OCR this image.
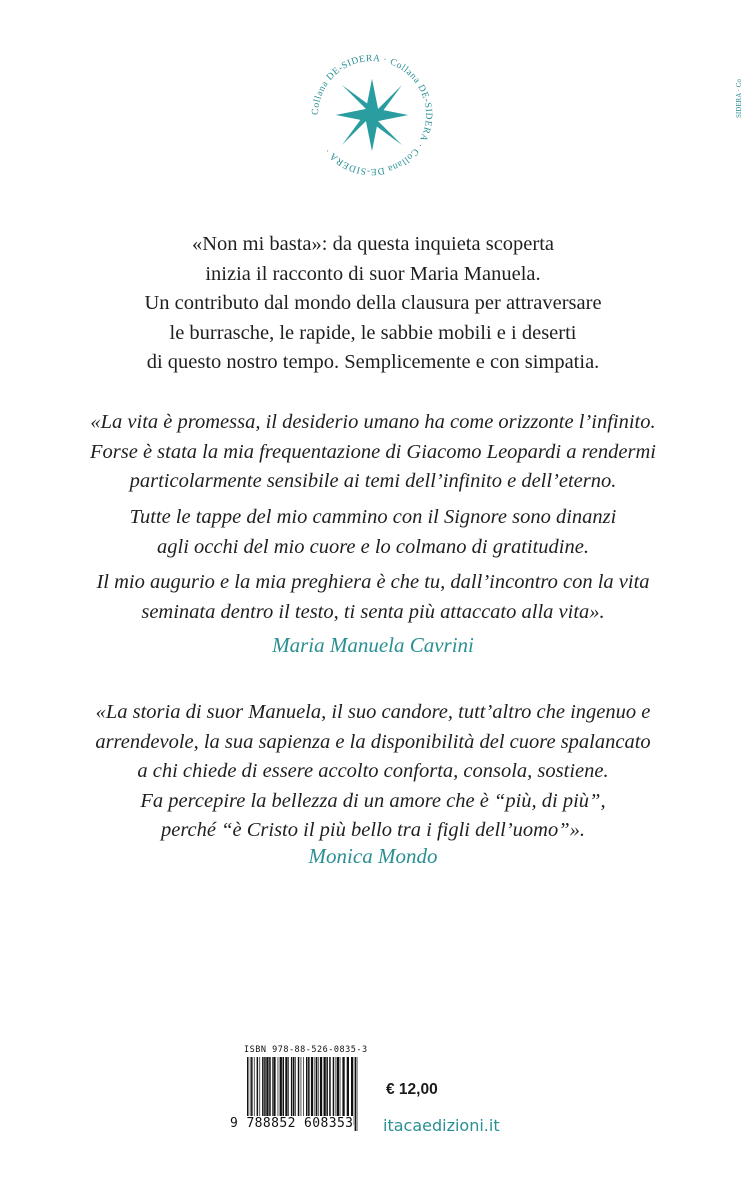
Collana DE-SIDERA · Collana DE-SIDERA · Collana DE-SIDERA ·
SIDERA · Co
«Non mi basta»: da questa inquieta scoperta
inizia il racconto di suor Maria Manuela.
Un contributo dal mondo della clausura per attraversare
le burrasche, le rapide, le sabbie mobili e i deserti
di questo nostro tempo. Semplicemente e con simpatia.
«La vita è promessa, il desiderio umano ha come orizzonte l’infinito.
Forse è stata la mia frequentazione di Giacomo Leopardi a rendermi
particolarmente sensibile ai temi dell’infinito e dell’eterno.
Tutte le tappe del mio cammino con il Signore sono dinanzi
agli occhi del mio cuore e lo colmano di gratitudine.
Il mio augurio e la mia preghiera è che tu, dall’incontro con la vita
seminata dentro il testo, ti senta più attaccato alla vita».
Maria Manuela Cavrini
«La storia di suor Manuela, il suo candore, tutt’altro che ingenuo e
arrendevole, la sua sapienza e la disponibilità del cuore spalancato
a chi chiede di essere accolto conforta, consola, sostiene.
Fa percepire la bellezza di un amore che è “più, di più”,
perché “è Cristo il più bello tra i figli dell’uomo”».
Monica Mondo
ISBN 978-88-526-0835-3
9 788852 608353
€ 12,00
itacaedizioni.it
